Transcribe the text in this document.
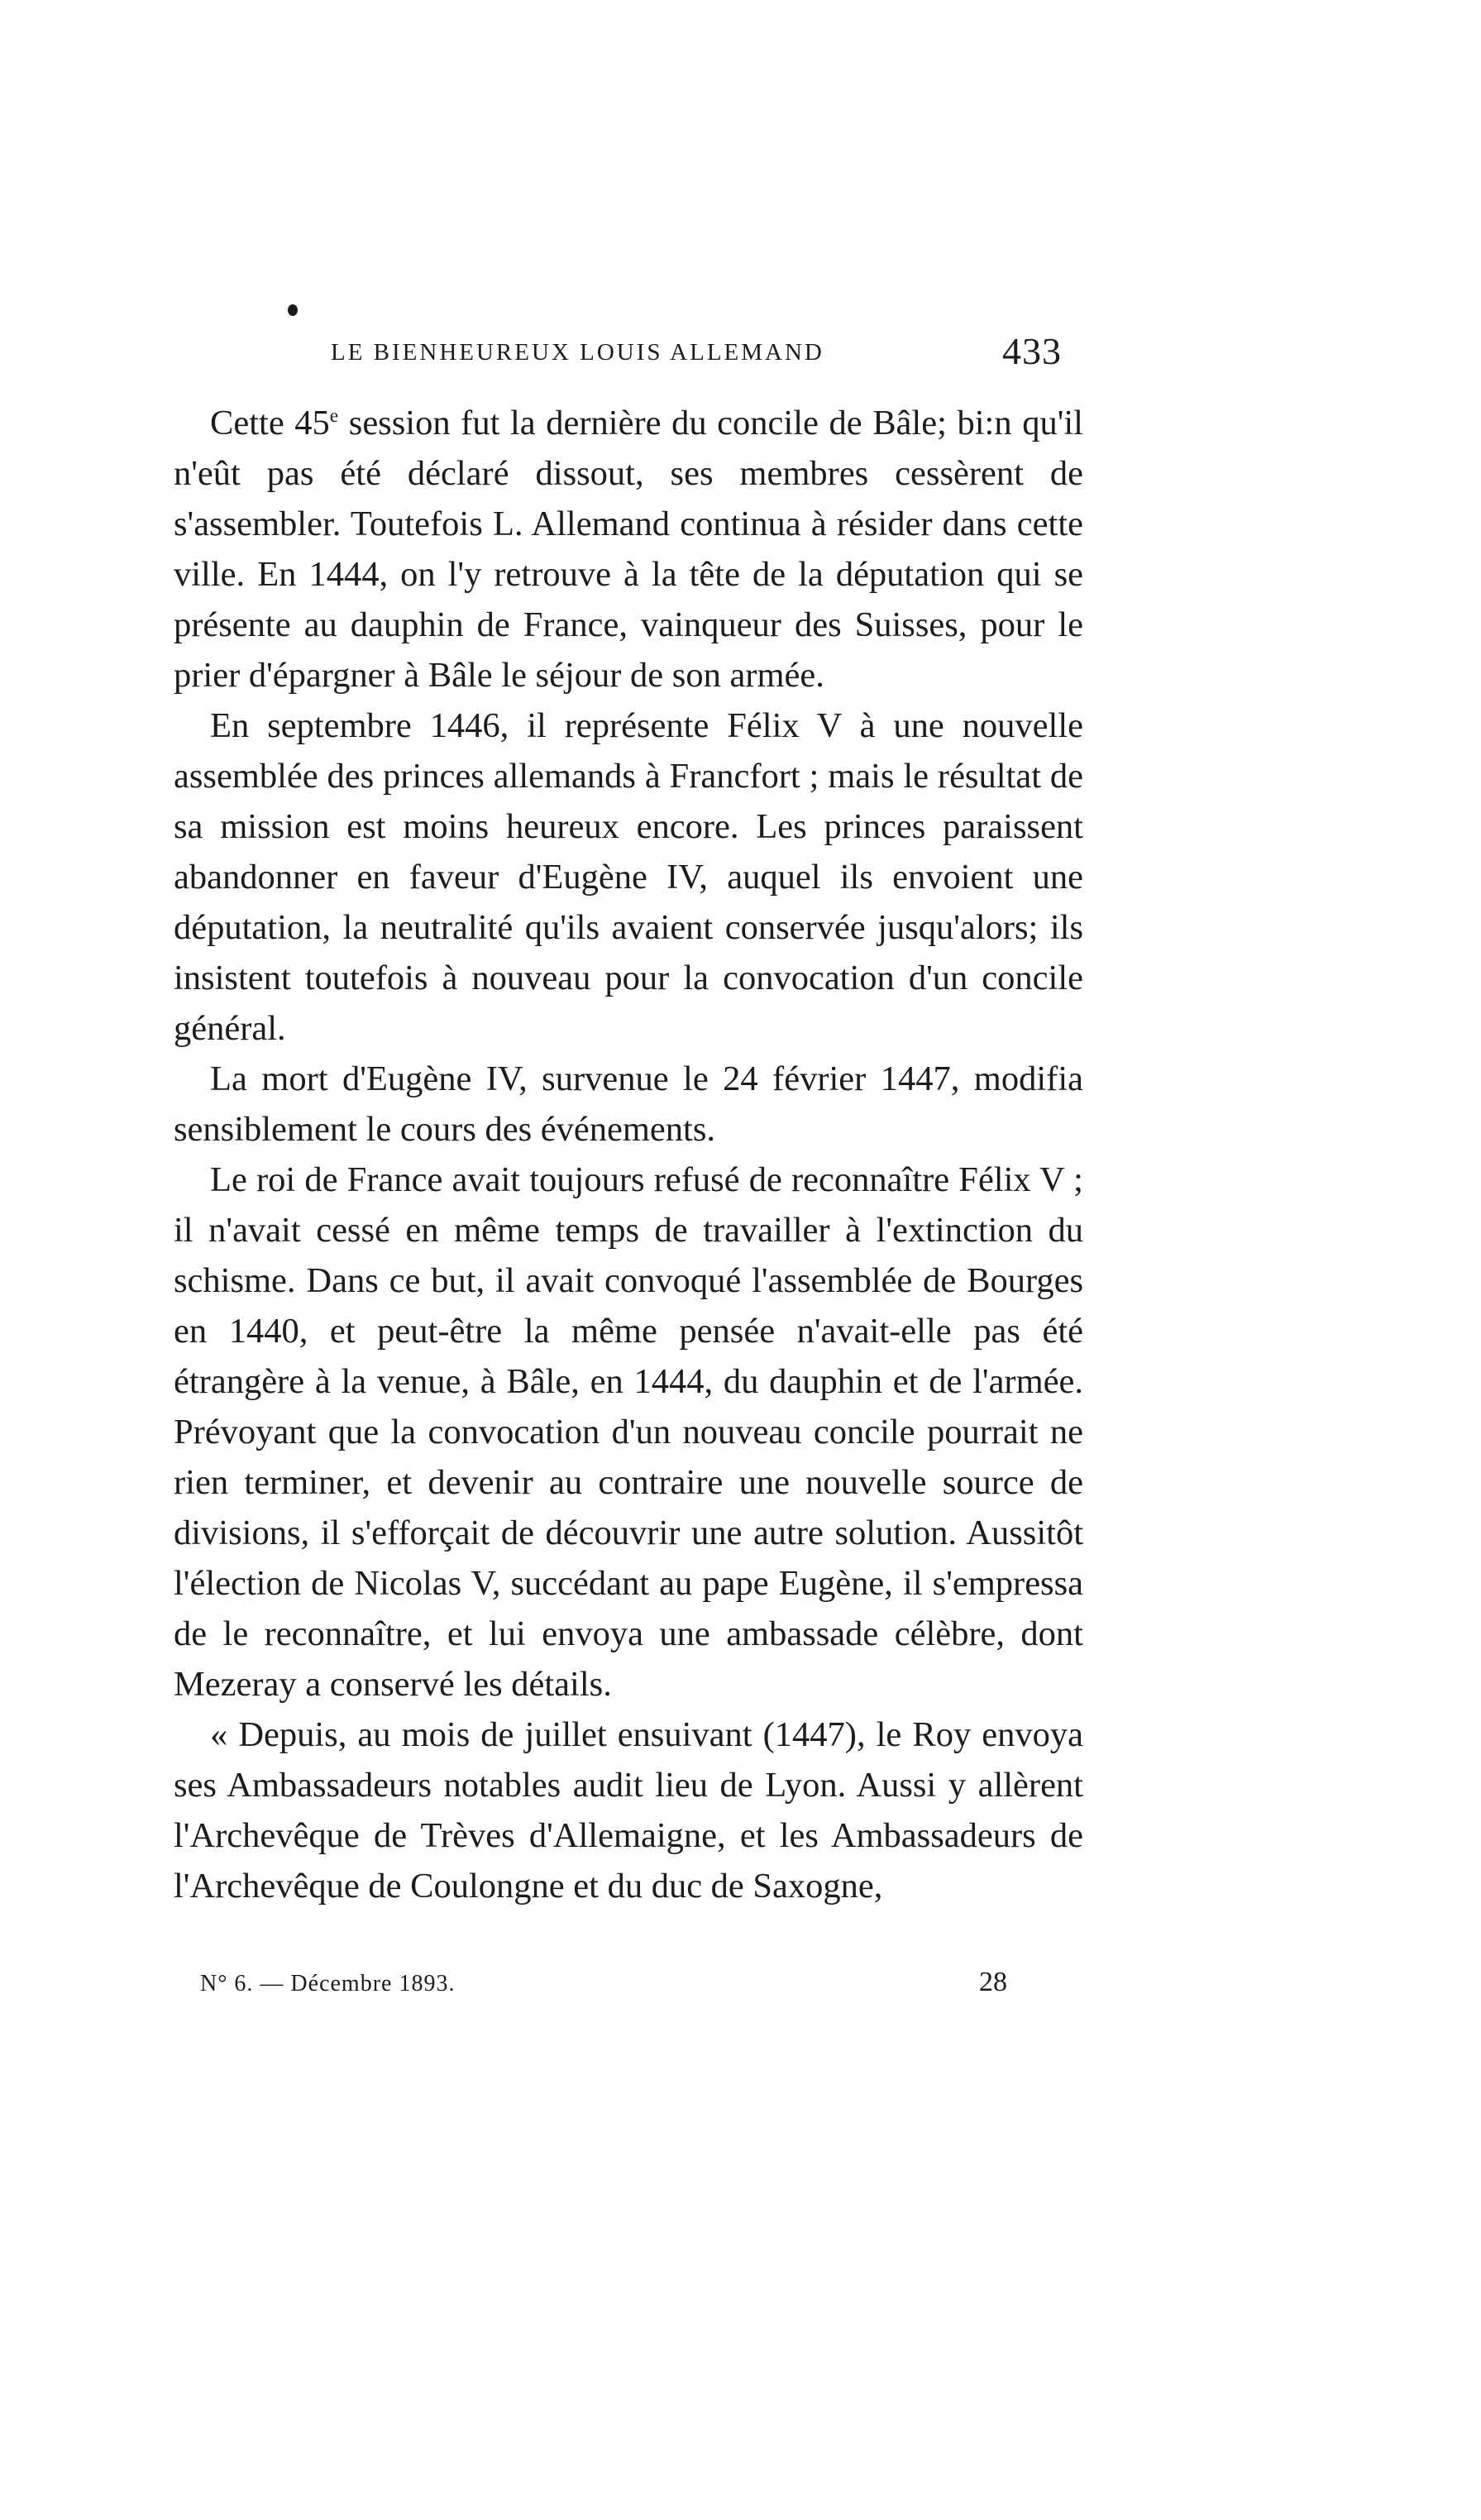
LE BIENHEUREUX LOUIS ALLEMAND	433

Cette 45e session fut la dernière du concile de Bâle; bi:n qu'il n'eût pas été déclaré dissout, ses membres cessèrent de s'assembler. Toutefois L. Allemand continua à résider dans cette ville. En 1444, on l'y retrouve à la tête de la députation qui se présente au dauphin de France, vainqueur des Suisses, pour le prier d'épargner à Bâle le séjour de son armée.

En septembre 1446, il représente Félix V à une nouvelle assemblée des princes allemands à Francfort ; mais le résultat de sa mission est moins heureux encore. Les princes paraissent abandonner en faveur d'Eugène IV, auquel ils envoient une députation, la neutralité qu'ils avaient conservée jusqu'alors; ils insistent toutefois à nouveau pour la convocation d'un concile général.

La mort d'Eugène IV, survenue le 24 février 1447, modifia sensiblement le cours des événements.

Le roi de France avait toujours refusé de reconnaître Félix V ; il n'avait cessé en même temps de travailler à l'extinction du schisme. Dans ce but, il avait convoqué l'assemblée de Bourges en 1440, et peut-être la même pensée n'avait-elle pas été étrangère à la venue, à Bâle, en 1444, du dauphin et de l'armée. Prévoyant que la convocation d'un nouveau concile pourrait ne rien terminer, et devenir au contraire une nouvelle source de divisions, il s'efforçait de découvrir une autre solution. Aussitôt l'élection de Nicolas V, succédant au pape Eugène, il s'empressa de le reconnaître, et lui envoya une ambassade célèbre, dont Mezeray a conservé les détails.

« Depuis, au mois de juillet ensuivant (1447), le Roy envoya ses Ambassadeurs notables audit lieu de Lyon. Aussi y allèrent l'Archevêque de Trèves d'Allemaigne, et les Ambassadeurs de l'Archevêque de Coulongne et du duc de Saxogne,

N° 6. — Décembre 1893.	28
